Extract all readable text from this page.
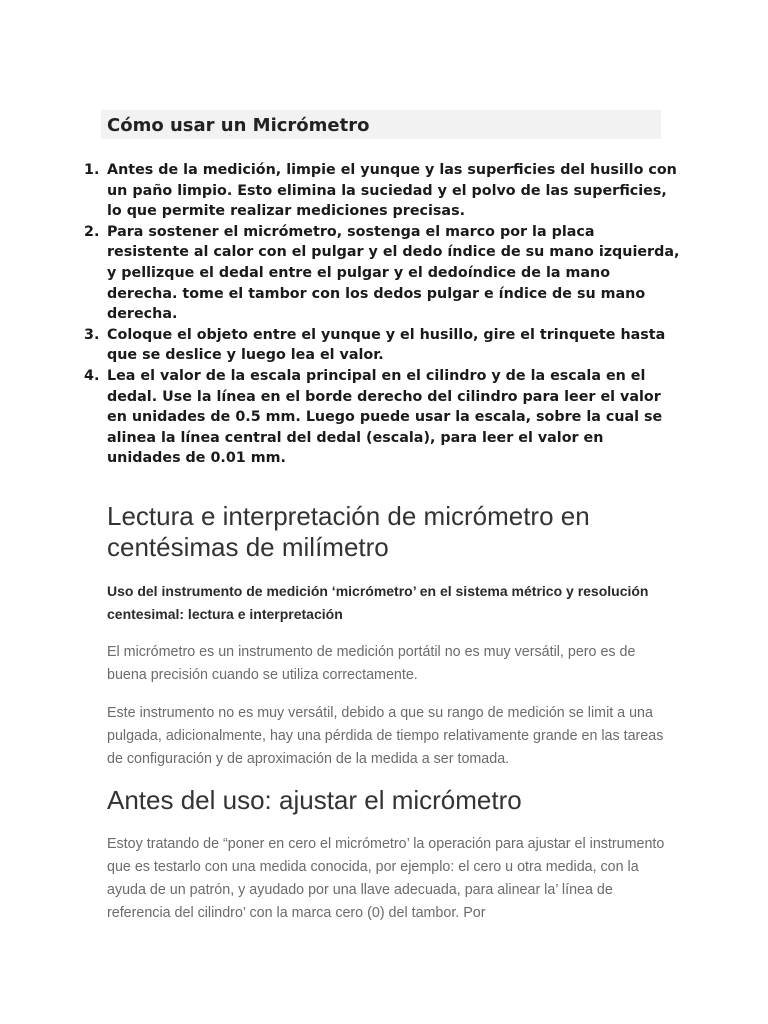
Cómo usar un Micrómetro
1. Antes de la medición, limpie el yunque y las superficies del husillo con un paño limpio. Esto elimina la suciedad y el polvo de las superficies, lo que permite realizar mediciones precisas.
2. Para sostener el micrómetro, sostenga el marco por la placa resistente al calor con el pulgar y el dedo índice de su mano izquierda, y pellizque el dedal entre el pulgar y el dedoíndice de la mano derecha. tome el tambor con los dedos pulgar e índice de su mano derecha.
3. Coloque el objeto entre el yunque y el husillo, gire el trinquete hasta que se deslice y luego lea el valor.
4. Lea el valor de la escala principal en el cilindro y de la escala en el dedal. Use la línea en el borde derecho del cilindro para leer el valor en unidades de 0.5 mm. Luego puede usar la escala, sobre la cual se alinea la línea central del dedal (escala), para leer el valor en unidades de 0.01 mm.
Lectura e interpretación de micrómetro en centésimas de milímetro

Uso del instrumento de medición ‘micrómetro’ en el sistema métrico y resolución centesimal: lectura e interpretación

El micrómetro es un instrumento de medición portátil no es muy versátil, pero es de buena precisión cuando se utiliza correctamente.

Este instrumento no es muy versátil, debido a que su rango de medición se limit a una pulgada, adicionalmente, hay una pérdida de tiempo relativamente grande en las tareas de configuración y de aproximación de la medida a ser tomada.

Antes del uso: ajustar el micrómetro

Estoy tratando de “poner en cero el micrómetro’ la operación para ajustar el instrumento que es testarlo con una medida conocida, por ejemplo: el cero u otra medida, con la ayuda de un patrón, y ayudado por una llave adecuada, para alinear la’ línea de referencia del cilindro’ con la marca cero (0) del tambor. Por
